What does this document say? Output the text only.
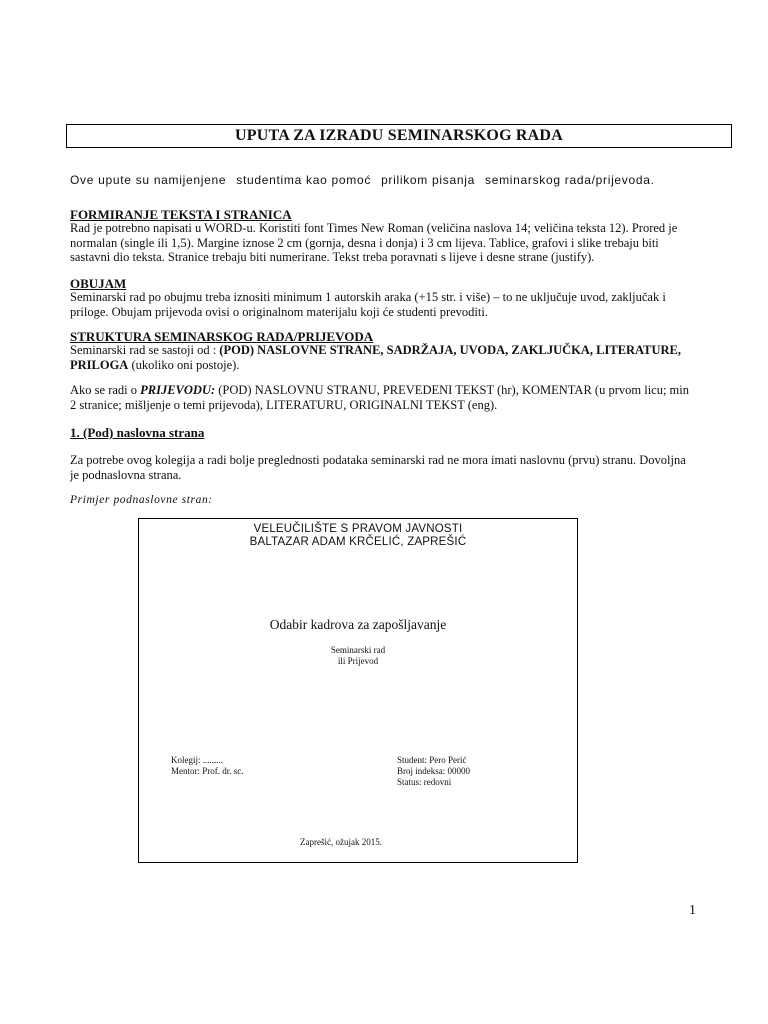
UPUTA ZA IZRADU SEMINARSKOG RADA
Ove upute su namijenjene studentima kao pomoć prilikom pisanja seminarskog rada/prijevoda.
FORMIRANJE TEKSTA I STRANICA
Rad je potrebno napisati u WORD-u. Koristiti font Times New Roman (veličina naslova 14; veličina teksta 12). Prored je
normalan (single ili 1,5). Margine iznose 2 cm (gornja, desna i donja) i 3 cm lijeva. Tablice, grafovi i slike trebaju biti
sastavni dio teksta. Stranice trebaju biti numerirane. Tekst treba poravnati s lijeve i desne strane (justify).
OBUJAM
Seminarski rad po obujmu treba iznositi minimum 1 autorskih araka (+15 str. i više) – to ne uključuje uvod, zaključak i
priloge. Obujam prijevoda ovisi o originalnom materijalu koji će studenti prevoditi.
STRUKTURA SEMINARSKOG RADA/PRIJEVODA
Seminarski rad se sastoji od : (POD) NASLOVNE STRANE, SADRŽAJA, UVODA, ZAKLJUČKA, LITERATURE,
PRILOGA (ukoliko oni postoje).
Ako se radi o PRIJEVODU: (POD) NASLOVNU STRANU, PREVEDENI TEKST (hr), KOMENTAR (u prvom licu; min
2 stranice; mišljenje o temi prijevoda), LITERATURU, ORIGINALNI TEKST (eng).
1. (Pod) naslovna strana
Za potrebe ovog kolegija a radi bolje preglednosti podataka seminarski rad ne mora imati naslovnu (prvu) stranu. Dovoljna
je podnaslovna strana.
Primjer podnaslovne stran:
VELEUČILIŠTE S PRAVOM JAVNOSTI
BALTAZAR ADAM KRČELIĆ, ZAPREŠIĆ
Odabir kadrova za zapošljavanje
Seminarski rad
ili Prijevod
Kolegij: .........
Mentor: Prof. dr. sc.
Student: Pero Perić
Broj indeksa: 00000
Status: redovni
Zaprešić, ožujak 2015.
1
